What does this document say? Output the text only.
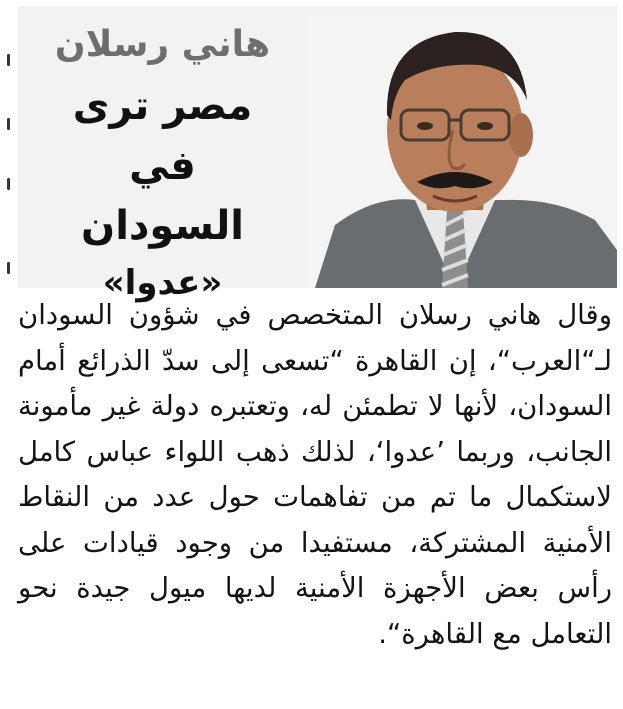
هاني رسلان
مصر ترى
في السودان
«عدوا»
وقال هاني رسلان المتخصص في شؤون السودان لـ“العرب“، إن القاهرة “تسعى إلى سدّ الذرائع أمام السودان، لأنها لا تطمئن له، وتعتبره دولة غير مأمونة الجانب، وربما ’عدوا‘، لذلك ذهب اللواء عباس كامل لاستكمال ما تم من تفاهمات حول عدد من النقاط الأمنية المشتركة، مستفيدا من وجود قيادات على رأس بعض الأجهزة الأمنية لديها ميول جيدة نحو التعامل مع القاهرة“.
